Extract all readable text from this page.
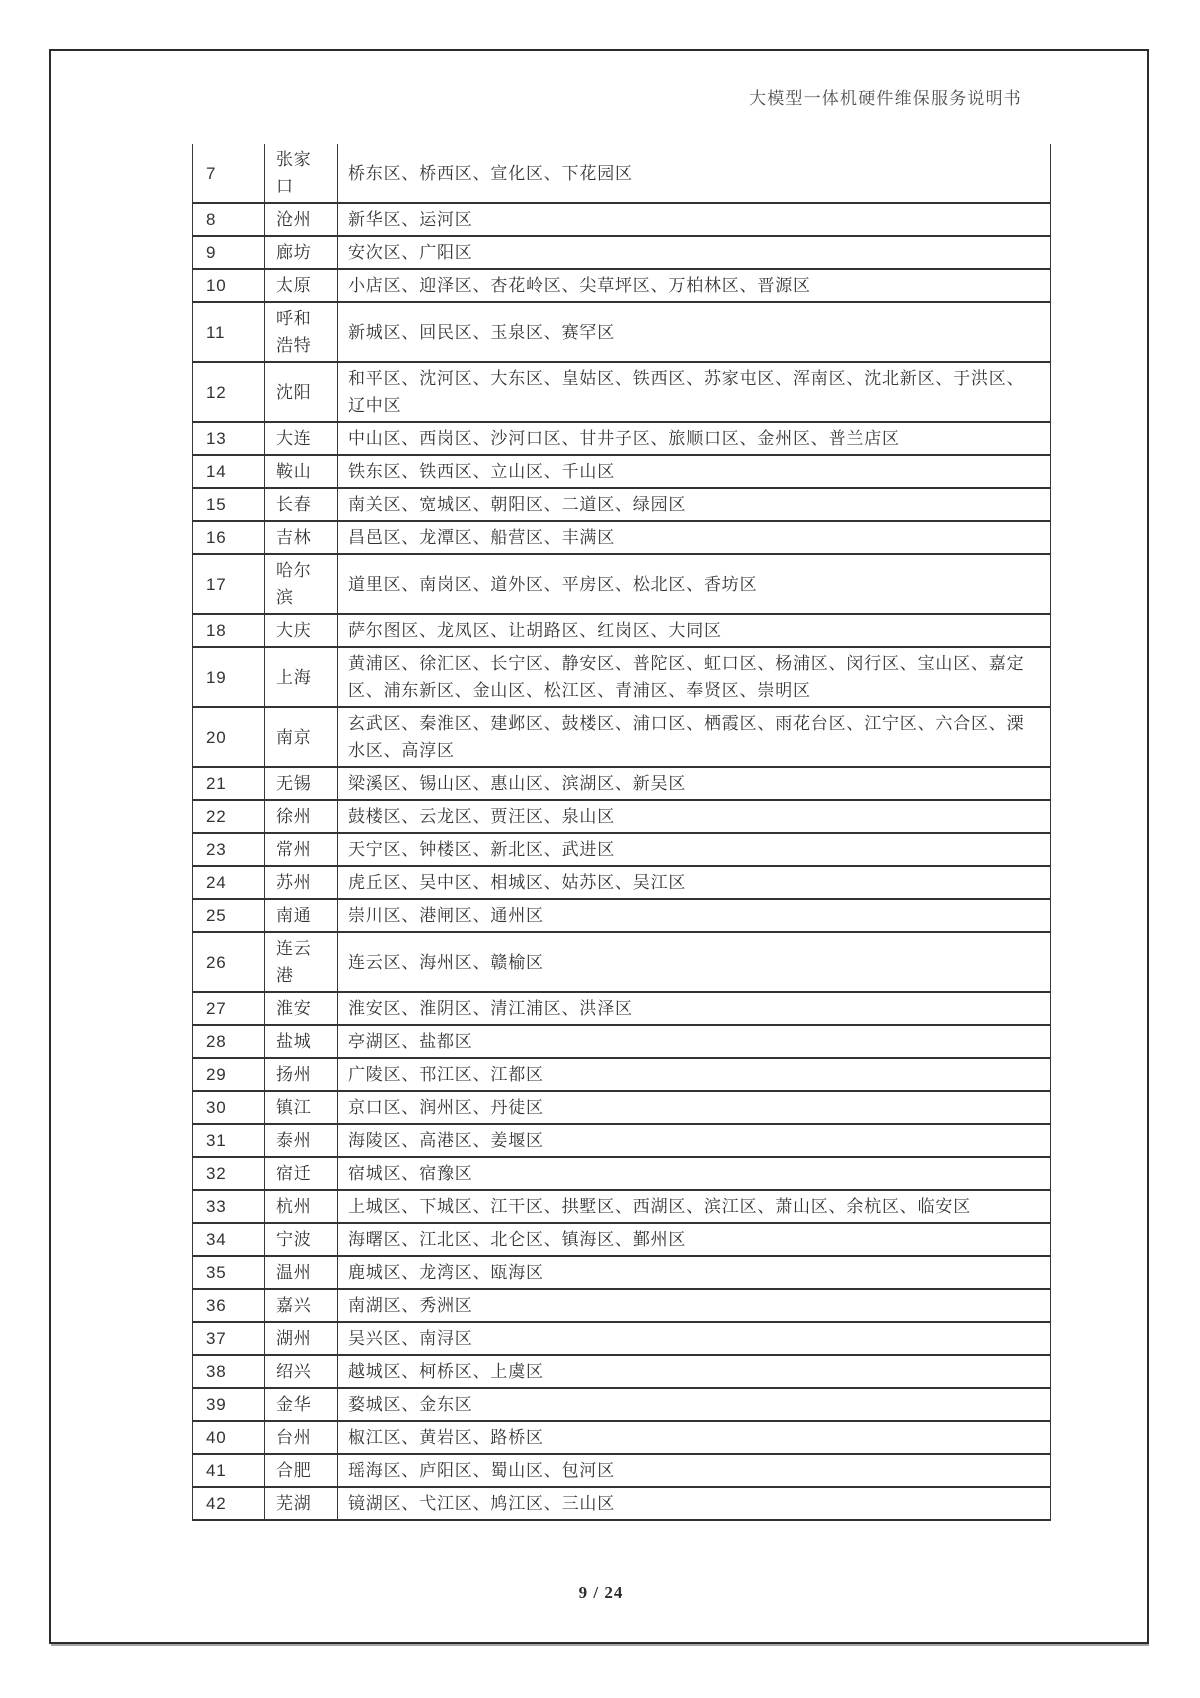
大模型一体机硬件维保服务说明书
7	张家口	桥东区、桥西区、宣化区、下花园区
8	沧州	新华区、运河区
9	廊坊	安次区、广阳区
10	太原	小店区、迎泽区、杏花岭区、尖草坪区、万柏林区、晋源区
11	呼和浩特	新城区、回民区、玉泉区、赛罕区
12	沈阳	和平区、沈河区、大东区、皇姑区、铁西区、苏家屯区、浑南区、沈北新区、于洪区、辽中区
13	大连	中山区、西岗区、沙河口区、甘井子区、旅顺口区、金州区、普兰店区
14	鞍山	铁东区、铁西区、立山区、千山区
15	长春	南关区、宽城区、朝阳区、二道区、绿园区
16	吉林	昌邑区、龙潭区、船营区、丰满区
17	哈尔滨	道里区、南岗区、道外区、平房区、松北区、香坊区
18	大庆	萨尔图区、龙凤区、让胡路区、红岗区、大同区
19	上海	黄浦区、徐汇区、长宁区、静安区、普陀区、虹口区、杨浦区、闵行区、宝山区、嘉定区、浦东新区、金山区、松江区、青浦区、奉贤区、崇明区
20	南京	玄武区、秦淮区、建邺区、鼓楼区、浦口区、栖霞区、雨花台区、江宁区、六合区、溧水区、高淳区
21	无锡	梁溪区、锡山区、惠山区、滨湖区、新吴区
22	徐州	鼓楼区、云龙区、贾汪区、泉山区
23	常州	天宁区、钟楼区、新北区、武进区
24	苏州	虎丘区、吴中区、相城区、姑苏区、吴江区
25	南通	崇川区、港闸区、通州区
26	连云港	连云区、海州区、赣榆区
27	淮安	淮安区、淮阴区、清江浦区、洪泽区
28	盐城	亭湖区、盐都区
29	扬州	广陵区、邗江区、江都区
30	镇江	京口区、润州区、丹徒区
31	泰州	海陵区、高港区、姜堰区
32	宿迁	宿城区、宿豫区
33	杭州	上城区、下城区、江干区、拱墅区、西湖区、滨江区、萧山区、余杭区、临安区
34	宁波	海曙区、江北区、北仑区、镇海区、鄞州区
35	温州	鹿城区、龙湾区、瓯海区
36	嘉兴	南湖区、秀洲区
37	湖州	吴兴区、南浔区
38	绍兴	越城区、柯桥区、上虞区
39	金华	婺城区、金东区
40	台州	椒江区、黄岩区、路桥区
41	合肥	瑶海区、庐阳区、蜀山区、包河区
42	芜湖	镜湖区、弋江区、鸠江区、三山区
9 / 24
